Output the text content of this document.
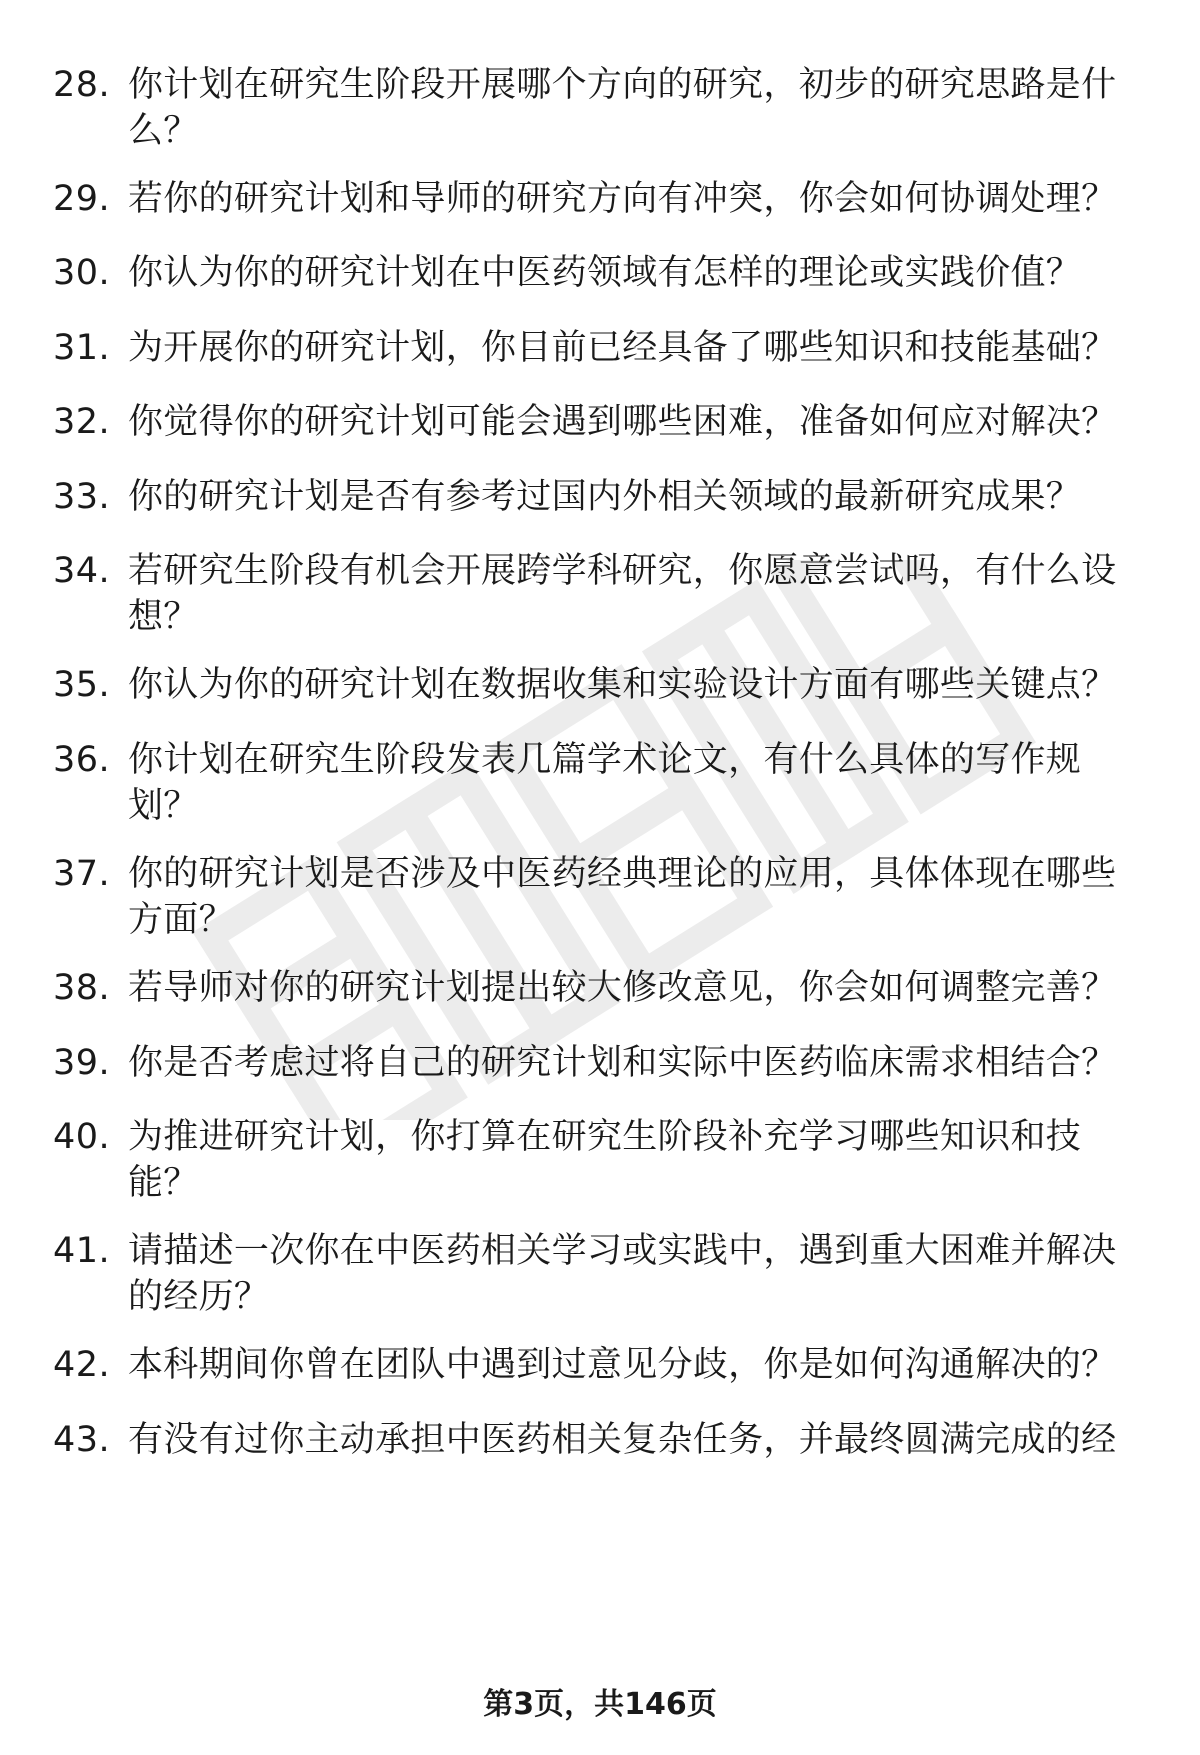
28. 你计划在研究生阶段开展哪个方向的研究，初步的研究思路是什
么？
29. 若你的研究计划和导师的研究方向有冲突，你会如何协调处理？
30. 你认为你的研究计划在中医药领域有怎样的理论或实践价值？
31. 为开展你的研究计划，你目前已经具备了哪些知识和技能基础？
32. 你觉得你的研究计划可能会遇到哪些困难，准备如何应对解决？
33. 你的研究计划是否有参考过国内外相关领域的最新研究成果？
34. 若研究生阶段有机会开展跨学科研究，你愿意尝试吗，有什么设
想？
35. 你认为你的研究计划在数据收集和实验设计方面有哪些关键点？
36. 你计划在研究生阶段发表几篇学术论文，有什么具体的写作规
划？
37. 你的研究计划是否涉及中医药经典理论的应用，具体体现在哪些
方面？
38. 若导师对你的研究计划提出较大修改意见，你会如何调整完善？
39. 你是否考虑过将自己的研究计划和实际中医药临床需求相结合？
40. 为推进研究计划，你打算在研究生阶段补充学习哪些知识和技
能？
41. 请描述一次你在中医药相关学习或实践中，遇到重大困难并解决
的经历？
42. 本科期间你曾在团队中遇到过意见分歧，你是如何沟通解决的？
43. 有没有过你主动承担中医药相关复杂任务，并最终圆满完成的经
第3页，共146页
